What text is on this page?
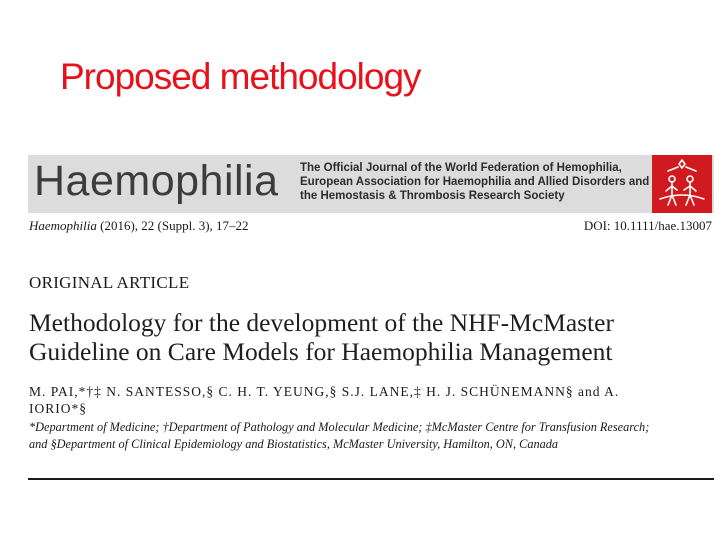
Proposed methodology
Haemophilia The Official Journal of the World Federation of Hemophilia,
European Association for Haemophilia and Allied Disorders and
the Hemostasis & Thrombosis Research Society
Haemophilia (2016), 22 (Suppl. 3), 17–22	DOI: 10.1111/hae.13007
ORIGINAL ARTICLE
Methodology for the development of the NHF-McMaster
Guideline on Care Models for Haemophilia Management
M. PAI,*†‡ N. SANTESSO,§ C. H. T. YEUNG,§ S.J. LANE,‡ H. J. SCHÜNEMANN§ and A.
IORIO*§
*Department of Medicine; †Department of Pathology and Molecular Medicine; ‡McMaster Centre for Transfusion Research;
and §Department of Clinical Epidemiology and Biostatistics, McMaster University, Hamilton, ON, Canada
